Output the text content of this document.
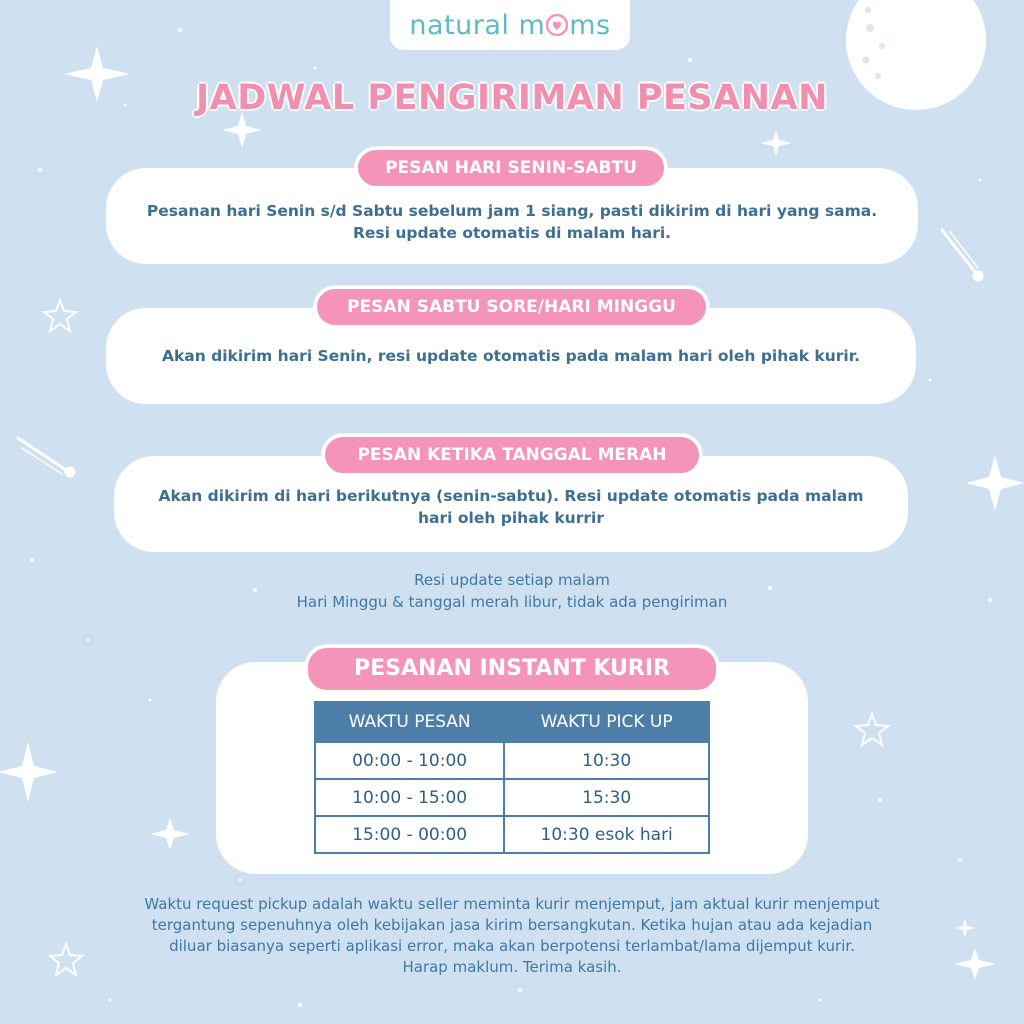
natural m ms
JADWAL PENGIRIMAN PESANAN

Pesanan hari Senin s/d Sabtu sebelum jam 1 siang, pasti dikirim di hari yang sama. Resi update otomatis di malam hari.

PESAN HARI SENIN-SABTU

Akan dikirim hari Senin, resi update otomatis pada malam hari oleh pihak kurir.

PESAN SABTU SORE/HARI MINGGU

Akan dikirim di hari berikutnya (senin-sabtu). Resi update otomatis pada malam hari oleh pihak kurrir

PESAN KETIKA TANGGAL MERAH
Resi update setiap malam
Hari Minggu & tanggal merah libur, tidak ada pengiriman
PESANAN INSTANT KURIR
WAKTU PESAN	WAKTU PICK UP
00:00 - 10:00	10:30
10:00 - 15:00	15:30
15:00 - 00:00	10:30 esok hari
Waktu request pickup adalah waktu seller meminta kurir menjemput, jam aktual kurir menjemput
tergantung sepenuhnya oleh kebijakan jasa kirim bersangkutan. Ketika hujan atau ada kejadian
diluar biasanya seperti aplikasi error, maka akan berpotensi terlambat/lama dijemput kurir.
Harap maklum. Terima kasih.
